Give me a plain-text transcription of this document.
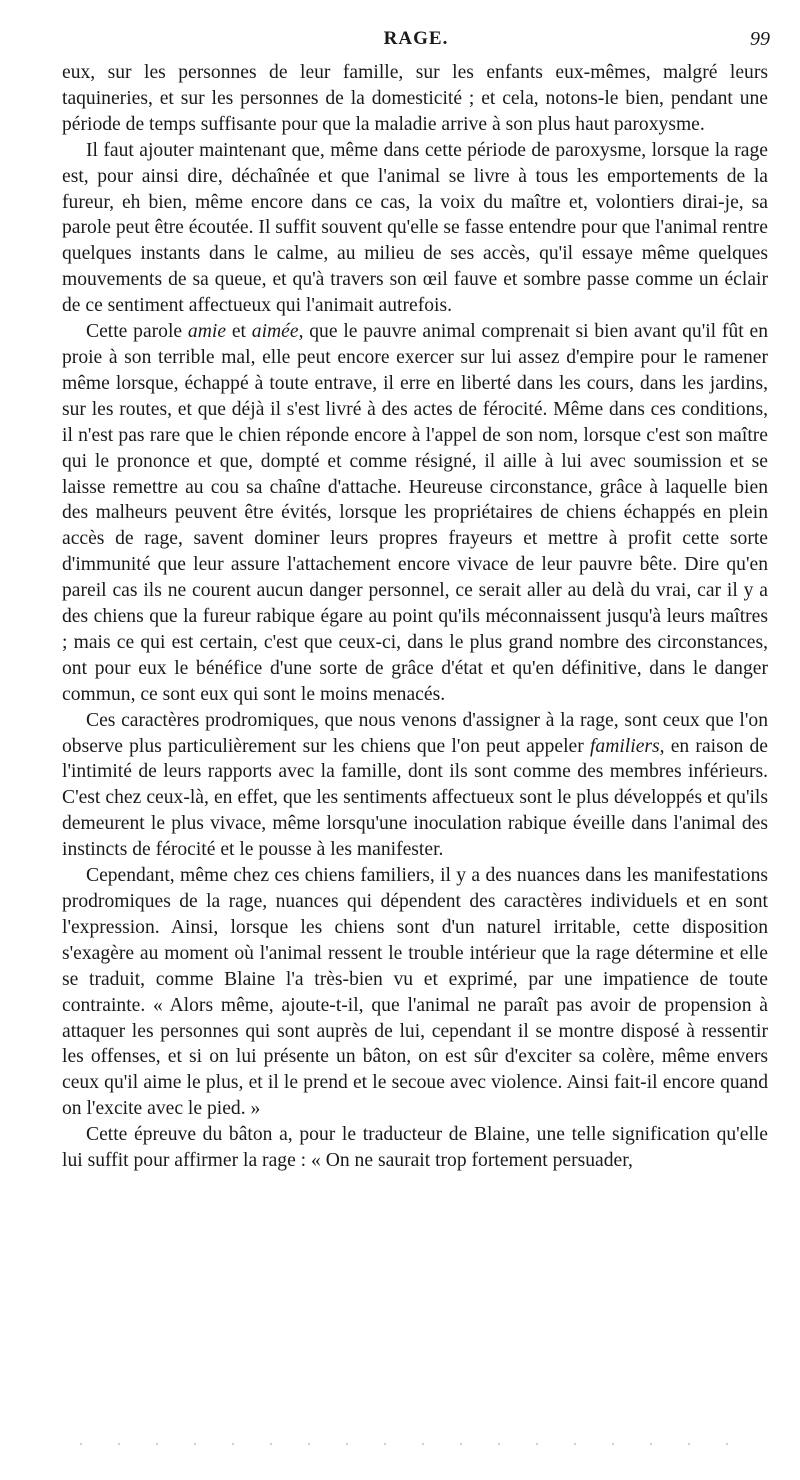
RAGE.	99

eux, sur les personnes de leur famille, sur les enfants eux-mêmes, malgré leurs taquineries, et sur les personnes de la domesticité ; et cela, notons-le bien, pendant une période de temps suffisante pour que la maladie arrive à son plus haut paroxysme.

Il faut ajouter maintenant que, même dans cette période de paroxysme, lorsque la rage est, pour ainsi dire, déchaînée et que l'animal se livre à tous les emportements de la fureur, eh bien, même encore dans ce cas, la voix du maître et, volontiers dirai-je, sa parole peut être écoutée. Il suffit souvent qu'elle se fasse entendre pour que l'animal rentre quelques instants dans le calme, au milieu de ses accès, qu'il essaye même quelques mouvements de sa queue, et qu'à travers son œil fauve et sombre passe comme un éclair de ce sentiment affectueux qui l'animait autrefois.

Cette parole amie et aimée, que le pauvre animal comprenait si bien avant qu'il fût en proie à son terrible mal, elle peut encore exercer sur lui assez d'empire pour le ramener même lorsque, échappé à toute entrave, il erre en liberté dans les cours, dans les jardins, sur les routes, et que déjà il s'est livré à des actes de férocité. Même dans ces conditions, il n'est pas rare que le chien réponde encore à l'appel de son nom, lorsque c'est son maître qui le prononce et que, dompté et comme résigné, il aille à lui avec soumission et se laisse remettre au cou sa chaîne d'attache. Heureuse circonstance, grâce à laquelle bien des malheurs peuvent être évités, lorsque les propriétaires de chiens échappés en plein accès de rage, savent dominer leurs propres frayeurs et mettre à profit cette sorte d'immunité que leur assure l'attachement encore vivace de leur pauvre bête. Dire qu'en pareil cas ils ne courent aucun danger personnel, ce serait aller au delà du vrai, car il y a des chiens que la fureur rabique égare au point qu'ils méconnaissent jusqu'à leurs maîtres ; mais ce qui est certain, c'est que ceux-ci, dans le plus grand nombre des circonstances, ont pour eux le bénéfice d'une sorte de grâce d'état et qu'en définitive, dans le danger commun, ce sont eux qui sont le moins menacés.

Ces caractères prodromiques, que nous venons d'assigner à la rage, sont ceux que l'on observe plus particulièrement sur les chiens que l'on peut appeler familiers, en raison de l'intimité de leurs rapports avec la famille, dont ils sont comme des membres inférieurs. C'est chez ceux-là, en effet, que les sentiments affectueux sont le plus développés et qu'ils demeurent le plus vivace, même lorsqu'une inoculation rabique éveille dans l'animal des instincts de férocité et le pousse à les manifester.

Cependant, même chez ces chiens familiers, il y a des nuances dans les manifestations prodromiques de la rage, nuances qui dépendent des caractères individuels et en sont l'expression. Ainsi, lorsque les chiens sont d'un naturel irritable, cette disposition s'exagère au moment où l'animal ressent le trouble intérieur que la rage détermine et elle se traduit, comme Blaine l'a très-bien vu et exprimé, par une impatience de toute contrainte. « Alors même, ajoute-t-il, que l'animal ne paraît pas avoir de propension à attaquer les personnes qui sont auprès de lui, cependant il se montre disposé à ressentir les offenses, et si on lui présente un bâton, on est sûr d'exciter sa colère, même envers ceux qu'il aime le plus, et il le prend et le secoue avec violence. Ainsi fait-il encore quand on l'excite avec le pied. »

Cette épreuve du bâton a, pour le traducteur de Blaine, une telle signification qu'elle lui suffit pour affirmer la rage : « On ne saurait trop fortement persuader,
